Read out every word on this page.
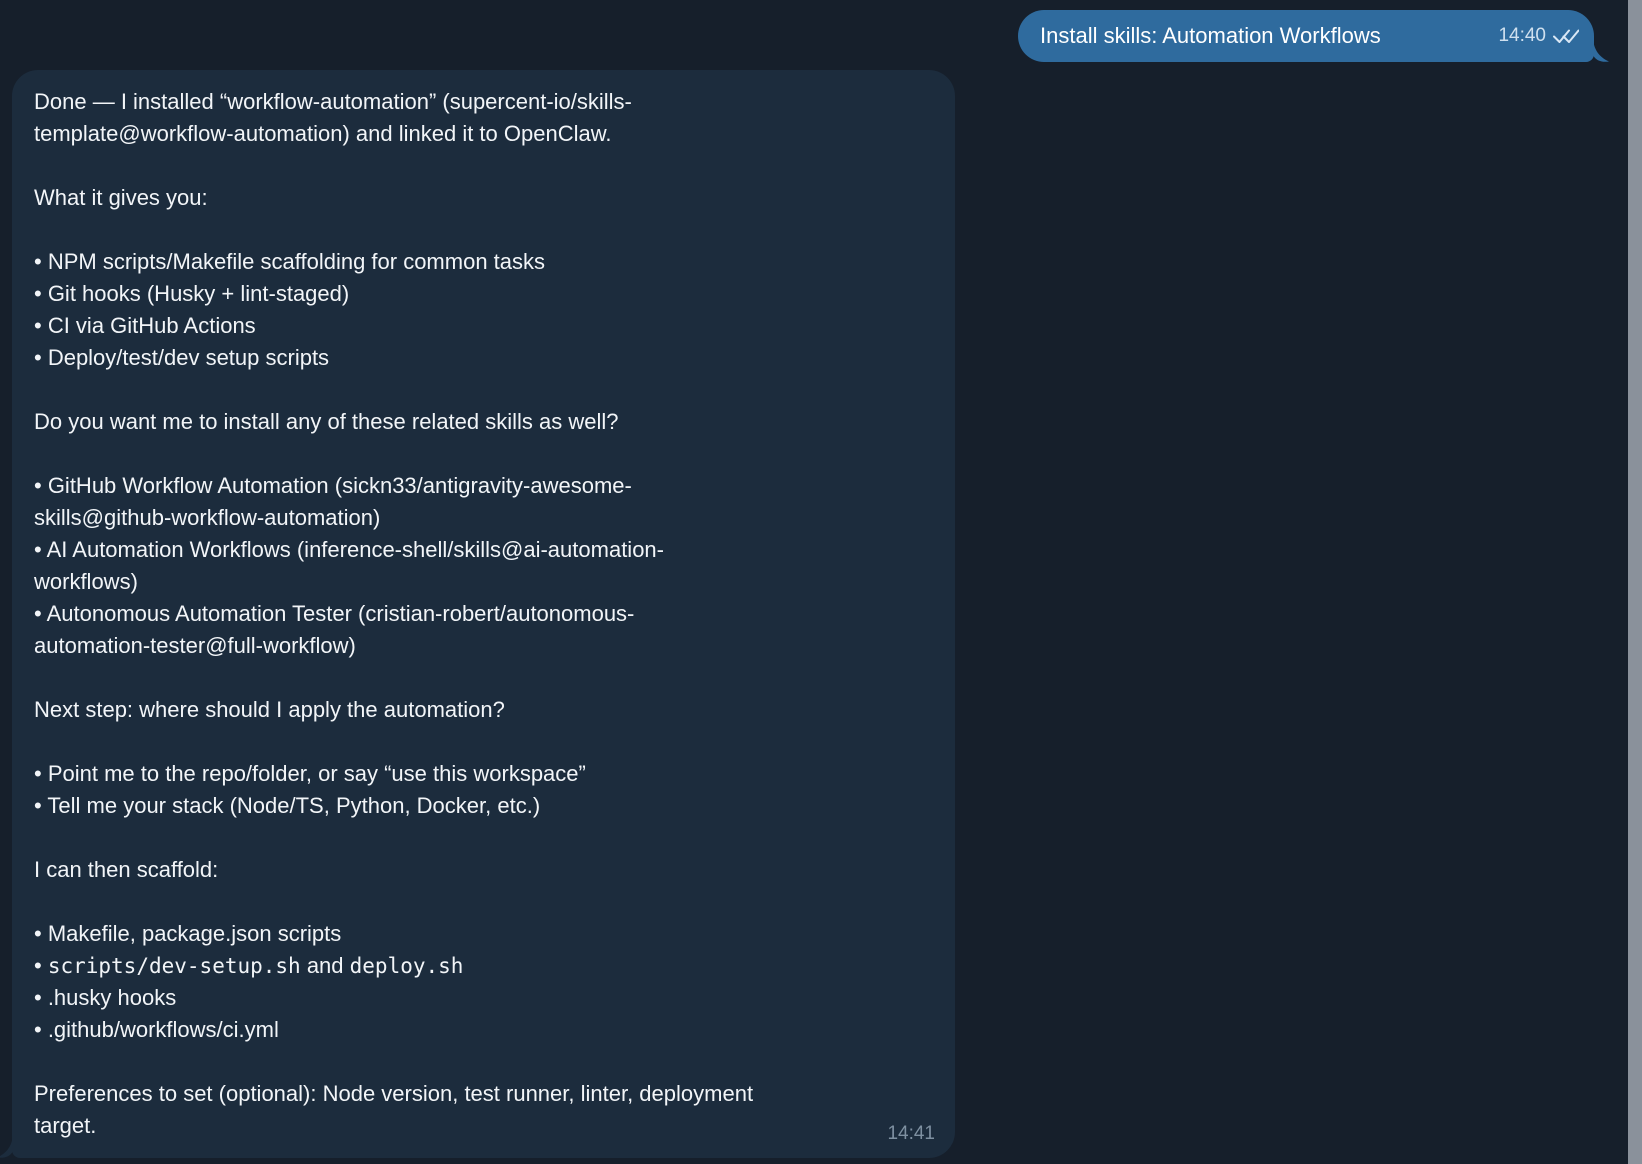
Install skills: Automation Workflows	14:40
Done — I installed “workflow-automation” (supercent-io/skills-
template@workflow-automation) and linked it to OpenClaw.
What it gives you:
• NPM scripts/Makefile scaffolding for common tasks
• Git hooks (Husky + lint-staged)
• CI via GitHub Actions
• Deploy/test/dev setup scripts
Do you want me to install any of these related skills as well?
• GitHub Workflow Automation (sickn33/antigravity-awesome-
skills@github-workflow-automation)
• AI Automation Workflows (inference-shell/skills@ai-automation-
workflows)
• Autonomous Automation Tester (cristian-robert/autonomous-
automation-tester@full-workflow)
Next step: where should I apply the automation?
• Point me to the repo/folder, or say “use this workspace”
• Tell me your stack (Node/TS, Python, Docker, etc.)
I can then scaffold:
• Makefile, package.json scripts
• scripts/dev-setup.sh and deploy.sh
• .husky hooks
• .github/workflows/ci.yml
Preferences to set (optional): Node version, test runner, linter, deployment
target.	14:41
